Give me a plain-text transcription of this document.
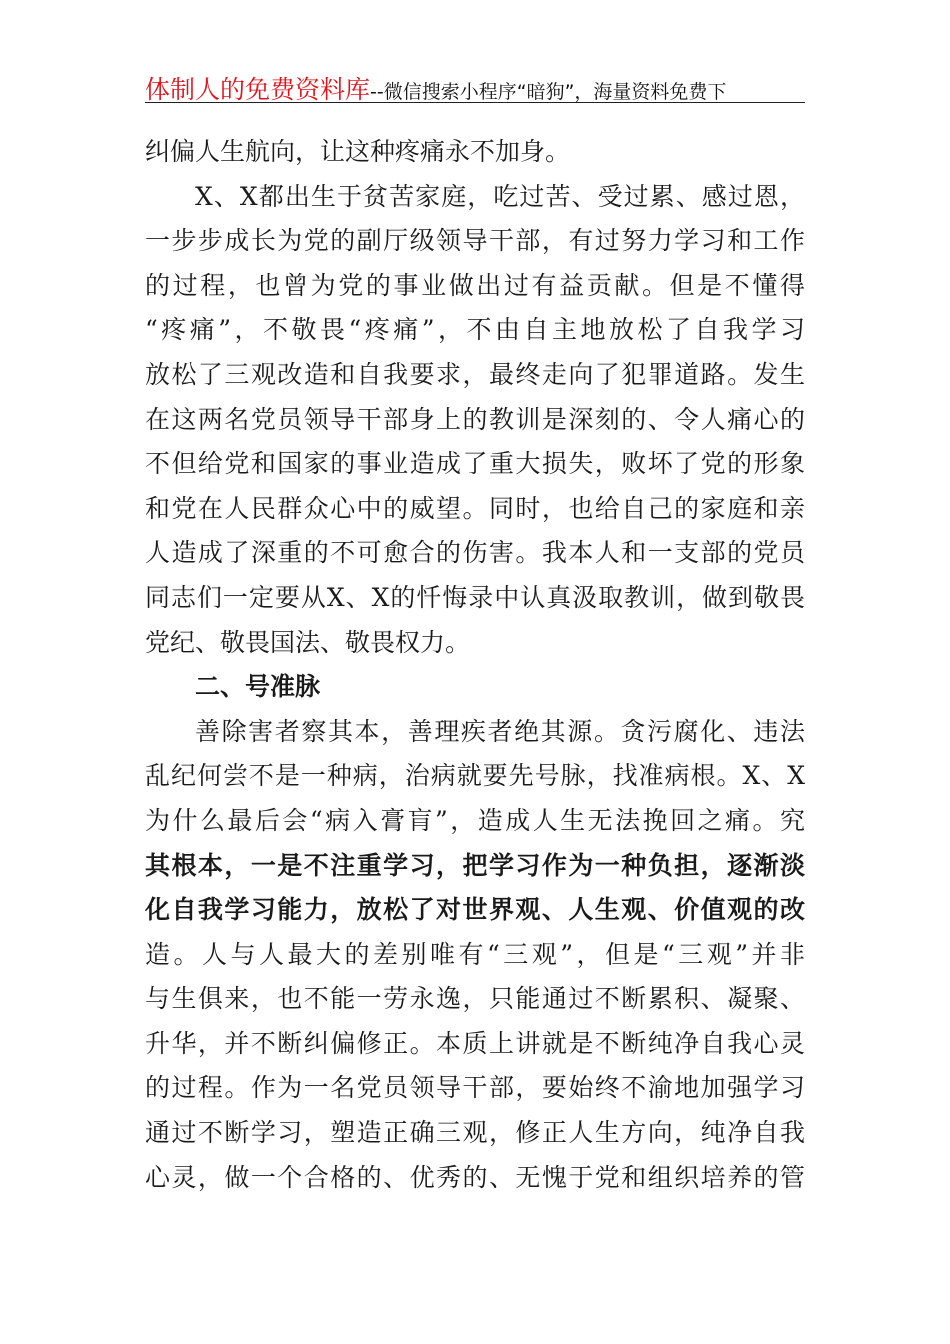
体制人的免费资料库--微信搜索小程序“暗狗”，海量资料免费下
纠偏人生航向，让这种疼痛永不加身。
X、X都出生于贫苦家庭，吃过苦、受过累、感过恩，
一步步成长为党的副厅级领导干部，有过努力学习和工作
的过程，也曾为党的事业做出过有益贡献。但是不懂得
“疼痛”，不敬畏“疼痛”，不由自主地放松了自我学习
放松了三观改造和自我要求，最终走向了犯罪道路。发生
在这两名党员领导干部身上的教训是深刻的、令人痛心的
不但给党和国家的事业造成了重大损失，败坏了党的形象
和党在人民群众心中的威望。同时，也给自己的家庭和亲
人造成了深重的不可愈合的伤害。我本人和一支部的党员
同志们一定要从X、X的忏悔录中认真汲取教训，做到敬畏
党纪、敬畏国法、敬畏权力。
二、号准脉
善除害者察其本，善理疾者绝其源。贪污腐化、违法
乱纪何尝不是一种病，治病就要先号脉，找准病根。X、X
为什么最后会“病入膏肓”，造成人生无法挽回之痛。究
其根本，一是不注重学习，把学习作为一种负担，逐渐淡
化自我学习能力，放松了对世界观、人生观、价值观的改
造。人与人最大的差别唯有“三观”，但是“三观”并非
与生俱来，也不能一劳永逸，只能通过不断累积、凝聚、
升华，并不断纠偏修正。本质上讲就是不断纯净自我心灵
的过程。作为一名党员领导干部，要始终不渝地加强学习
通过不断学习，塑造正确三观，修正人生方向，纯净自我
心灵，做一个合格的、优秀的、无愧于党和组织培养的管
